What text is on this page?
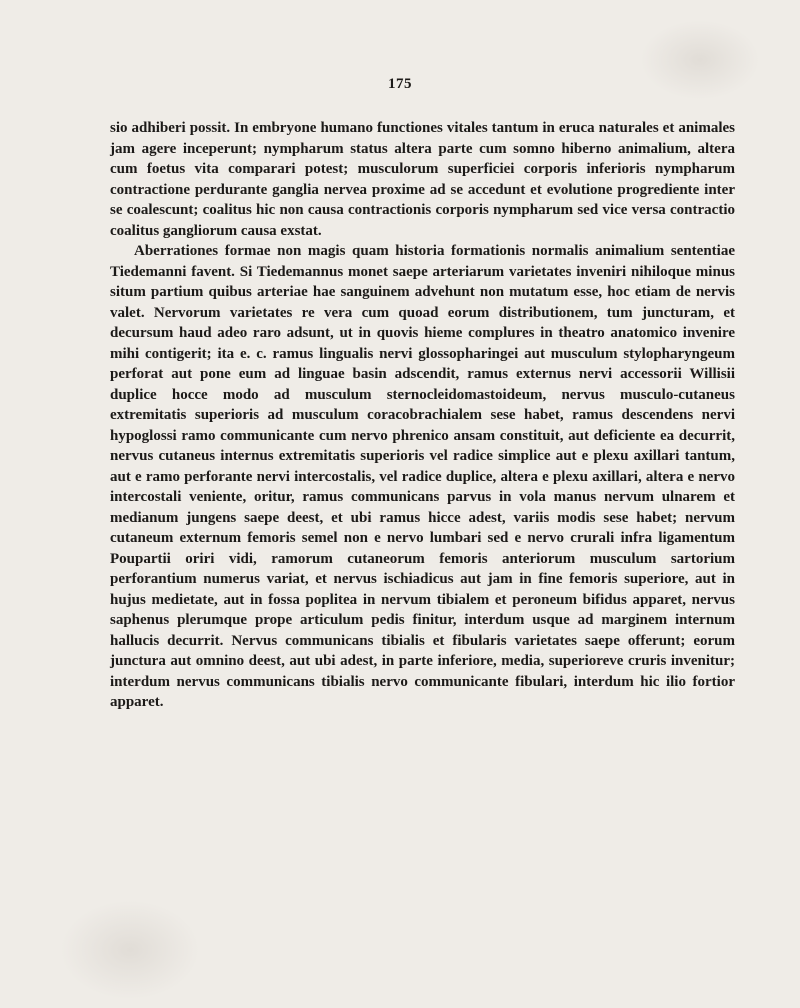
175

sio adhiberi possit. In embryone humano functiones vitales tantum in eruca naturales et animales jam agere inceperunt; nympharum status altera parte cum somno hiberno animalium, altera cum foetus vita comparari potest; musculorum superficiei corporis inferioris nympharum contractione perdurante ganglia nervea proxime ad se accedunt et evolutione progrediente inter se coalescunt; coalitus hic non causa contractionis corporis nympharum sed vice versa contractio coalitus gangliorum causa exstat.

Aberrationes formae non magis quam historia formationis normalis animalium sententiae Tiedemanni favent. Si Tiedemannus monet saepe arteriarum varietates inveniri nihiloque minus situm partium quibus arteriae hae sanguinem advehunt non mutatum esse, hoc etiam de nervis valet. Nervorum varietates re vera cum quoad eorum distributionem, tum juncturam, et decursum haud adeo raro adsunt, ut in quovis hieme complures in theatro anatomico invenire mihi contigerit; ita e. c. ramus lingualis nervi glossopharingei aut musculum stylopharyngeum perforat aut pone eum ad linguae basin adscendit, ramus externus nervi accessorii Willisii duplice hocce modo ad musculum sternocleidomastoideum, nervus musculo-cutaneus extremitatis superioris ad musculum coracobrachialem sese habet, ramus descendens nervi hypoglossi ramo communicante cum nervo phrenico ansam constituit, aut deficiente ea decurrit, nervus cutaneus internus extremitatis superioris vel radice simplice aut e plexu axillari tantum, aut e ramo perforante nervi intercostalis, vel radice duplice, altera e plexu axillari, altera e nervo intercostali veniente, oritur, ramus communicans parvus in vola manus nervum ulnarem et medianum jungens saepe deest, et ubi ramus hicce adest, variis modis sese habet; nervum cutaneum externum femoris semel non e nervo lumbari sed e nervo crurali infra ligamentum Poupartii oriri vidi, ramorum cutaneorum femoris anteriorum musculum sartorium perforantium numerus variat, et nervus ischiadicus aut jam in fine femoris superiore, aut in hujus medietate, aut in fossa poplitea in nervum tibialem et peroneum bifidus apparet, nervus saphenus plerumque prope articulum pedis finitur, interdum usque ad marginem internum hallucis decurrit. Nervus communicans tibialis et fibularis varietates saepe offerunt; eorum junctura aut omnino deest, aut ubi adest, in parte inferiore, media, superioreve cruris invenitur; interdum nervus communicans tibialis nervo communicante fibulari, interdum hic ilio fortior apparet.
